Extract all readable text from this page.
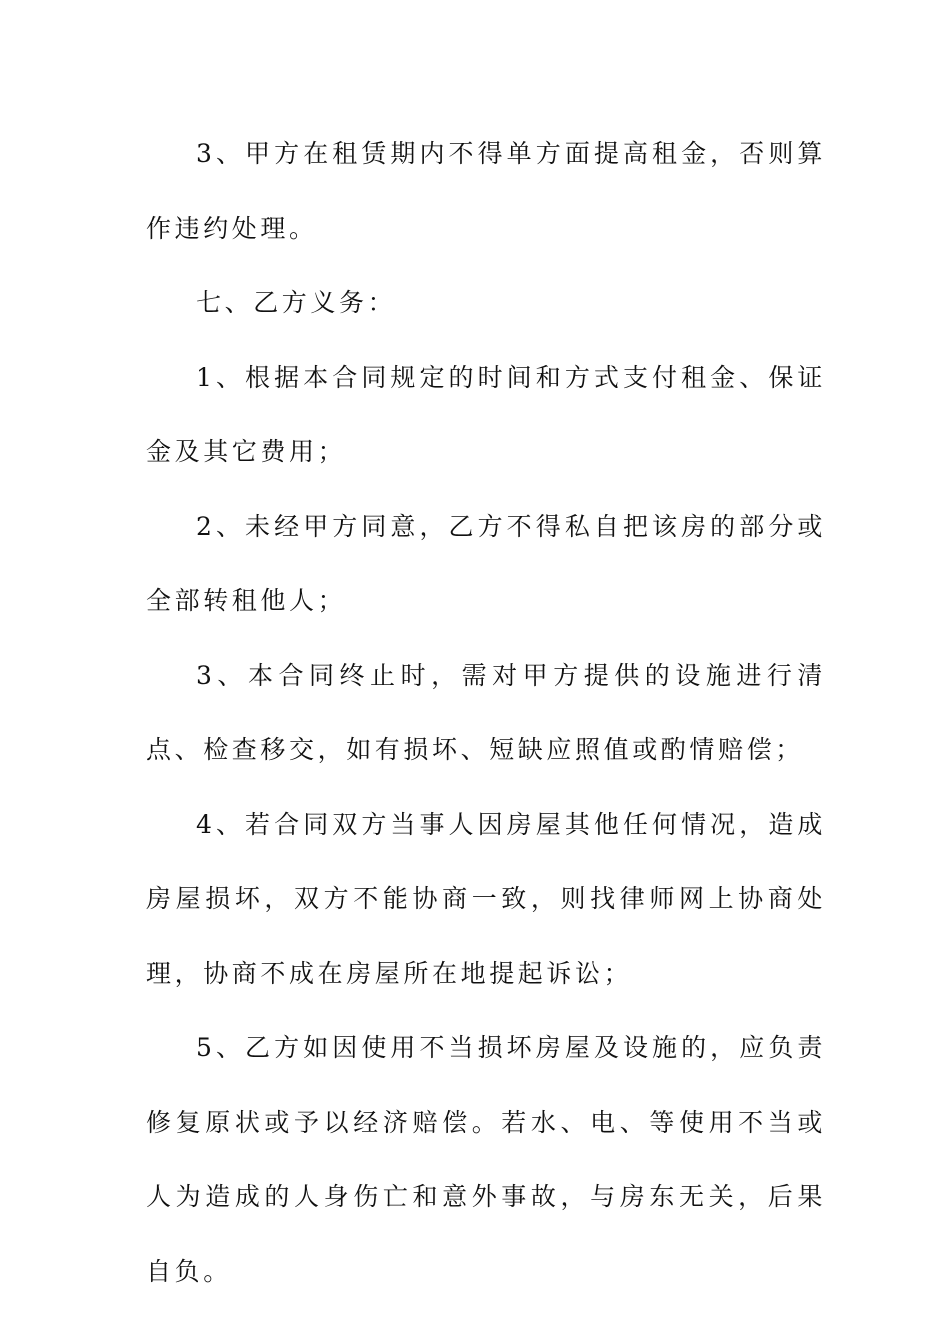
3、甲方在租赁期内不得单方面提高租金，否则算作违约处理。

七、乙方义务：

1、根据本合同规定的时间和方式支付租金、保证金及其它费用；

2、未经甲方同意，乙方不得私自把该房的部分或全部转租他人；

3、本合同终止时，需对甲方提供的设施进行清点、检查移交，如有损坏、短缺应照值或酌情赔偿；

4、若合同双方当事人因房屋其他任何情况，造成房屋损坏，双方不能协商一致，则找律师网上协商处理，协商不成在房屋所在地提起诉讼；

5、乙方如因使用不当损坏房屋及设施的，应负责修复原状或予以经济赔偿。若水、电、等使用不当或人为造成的人身伤亡和意外事故，与房东无关，后果自负。
